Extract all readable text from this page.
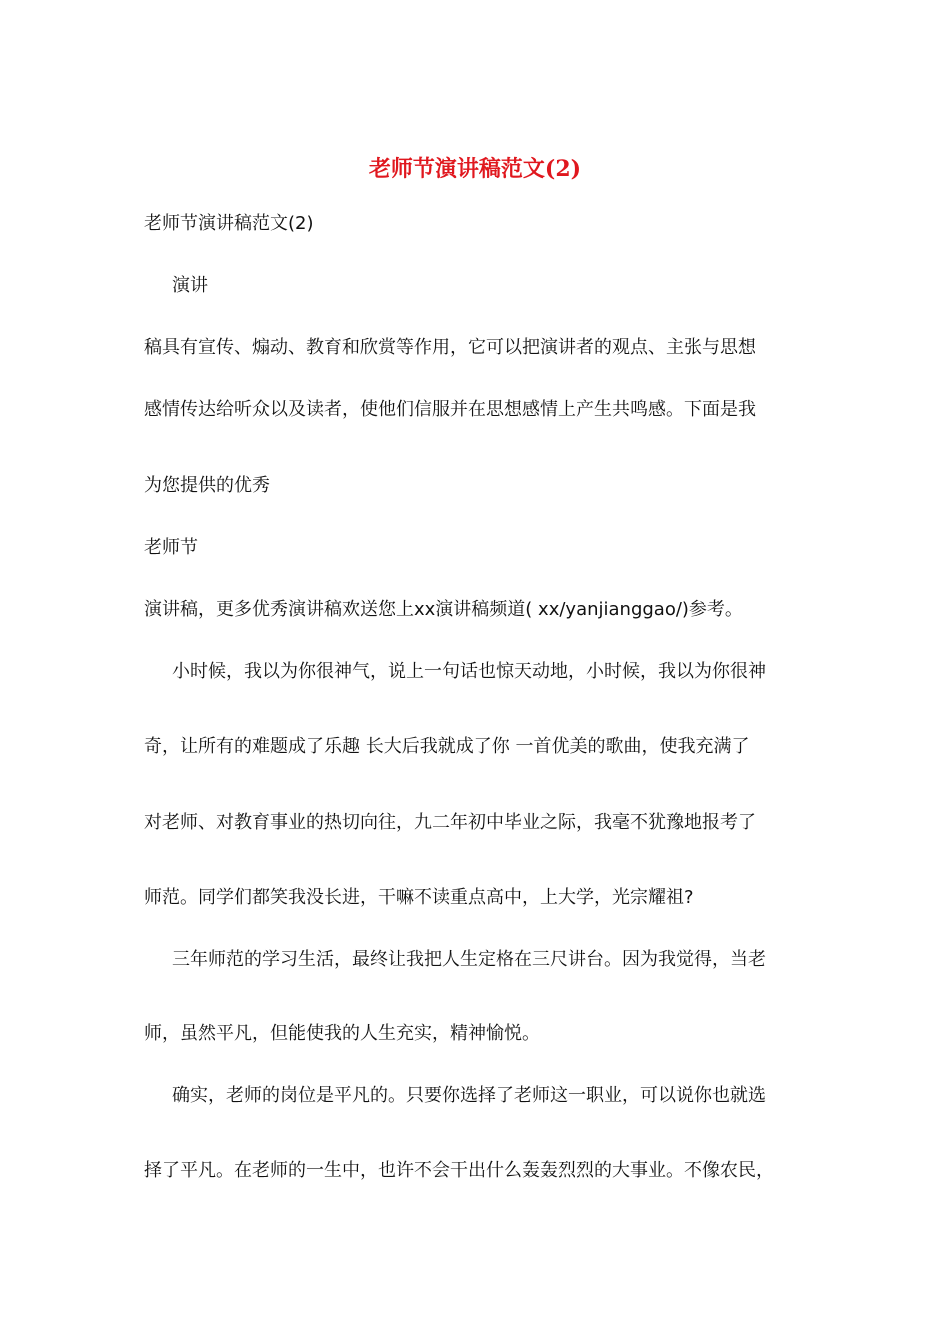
老师节演讲稿范文(2)
老师节演讲稿范文(2)
演讲
稿具有宣传、煽动、教育和欣赏等作用，它可以把演讲者的观点、主张与思想
感情传达给听众以及读者，使他们信服并在思想感情上产生共鸣感。下面是我
为您提供的优秀
老师节
演讲稿，更多优秀演讲稿欢送您上xx演讲稿频道( xx/yanjianggao/)参考。
小时候，我以为你很神气，说上一句话也惊天动地，小时候，我以为你很神
奇，让所有的难题成了乐趣 长大后我就成了你 一首优美的歌曲，使我充满了
对老师、对教育事业的热切向往，九二年初中毕业之际，我毫不犹豫地报考了
师范。同学们都笑我没长进，干嘛不读重点高中，上大学，光宗耀祖?
三年师范的学习生活，最终让我把人生定格在三尺讲台。因为我觉得，当老
师，虽然平凡，但能使我的人生充实，精神愉悦。
确实，老师的岗位是平凡的。只要你选择了老师这一职业，可以说你也就选
择了平凡。在老师的一生中，也许不会干出什么轰轰烈烈的大事业。不像农民，
